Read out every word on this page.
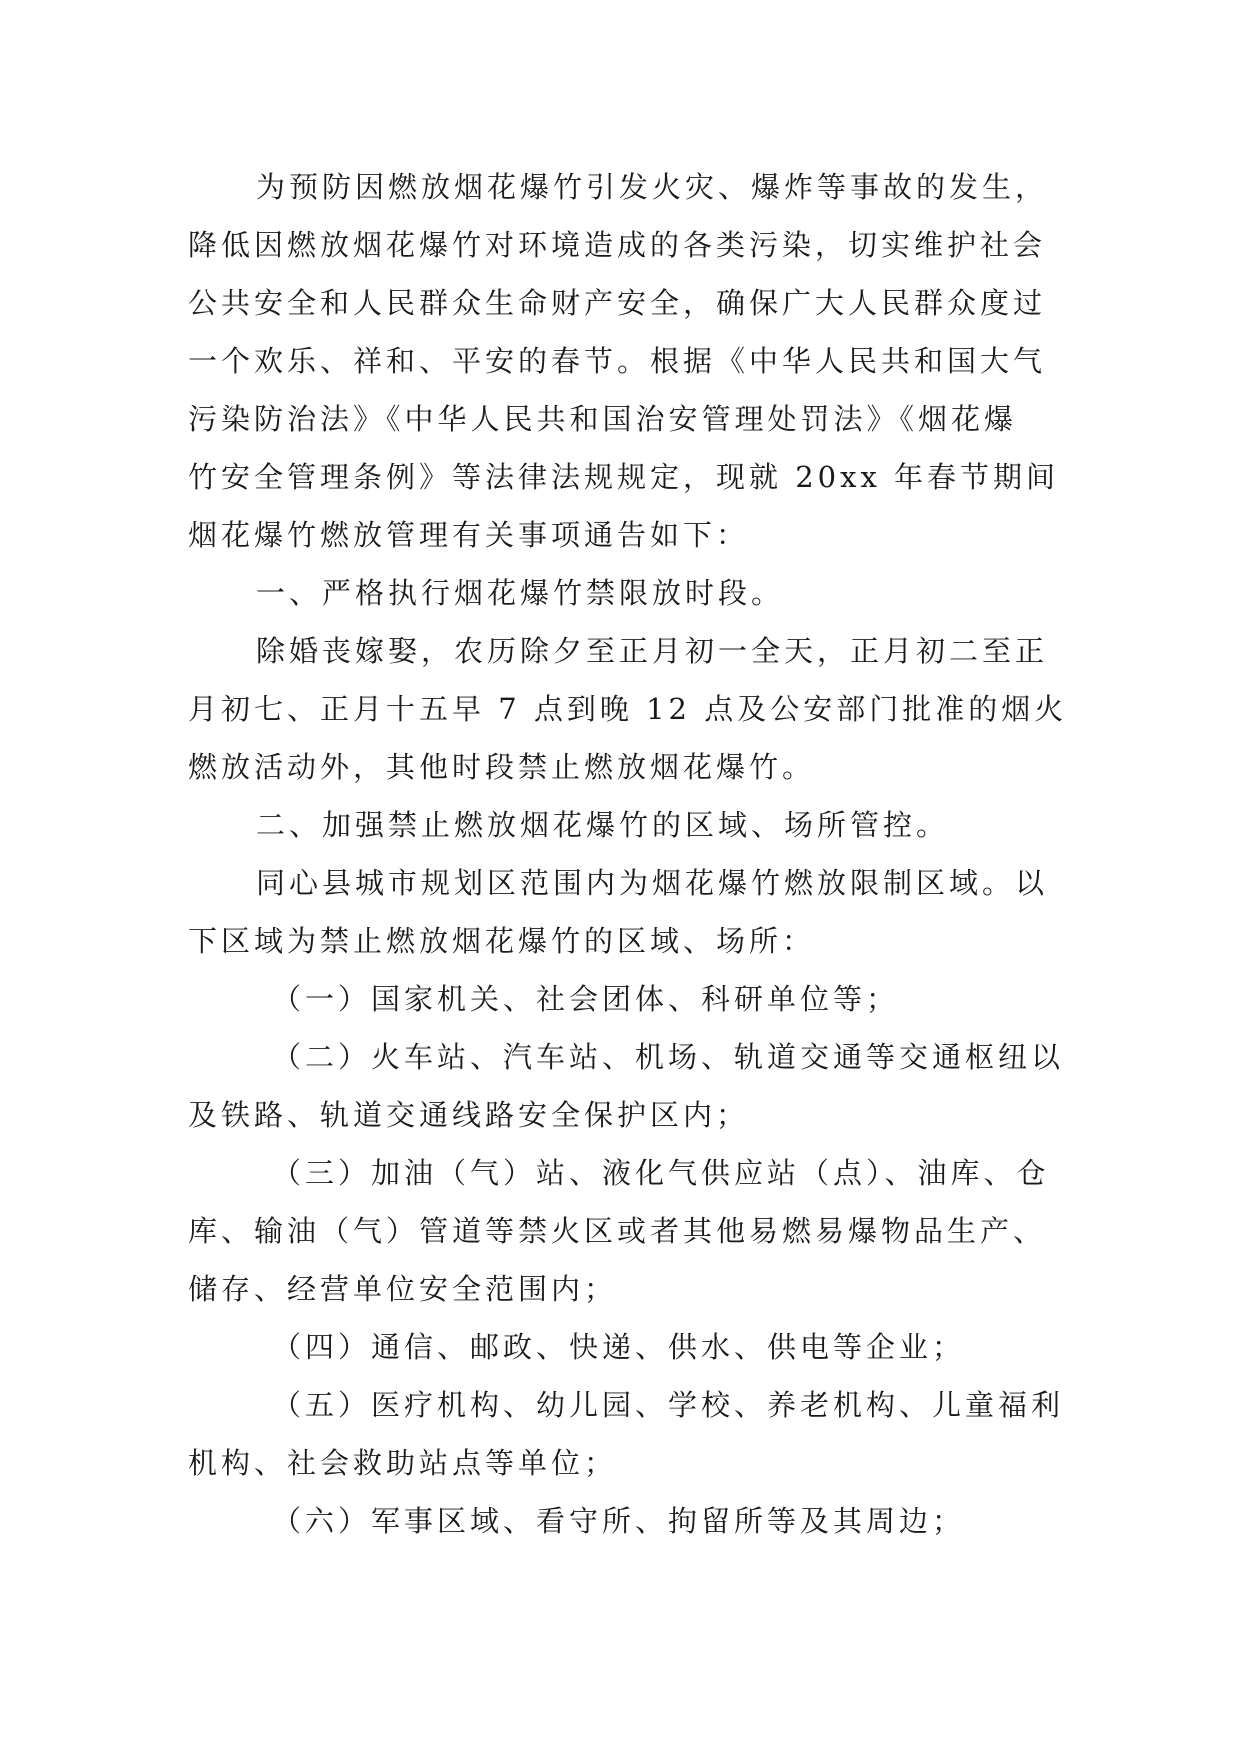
为预防因燃放烟花爆竹引发火灾、爆炸等事故的发生，
降低因燃放烟花爆竹对环境造成的各类污染，切实维护社会
公共安全和人民群众生命财产安全，确保广大人民群众度过
一个欢乐、祥和、平安的春节。根据《中华人民共和国大气
污染防治法》《中华人民共和国治安管理处罚法》《烟花爆
竹安全管理条例》等法律法规规定，现就 20xx 年春节期间
烟花爆竹燃放管理有关事项通告如下：
一、严格执行烟花爆竹禁限放时段。
除婚丧嫁娶，农历除夕至正月初一全天，正月初二至正
月初七、正月十五早 7 点到晚 12 点及公安部门批准的烟火
燃放活动外，其他时段禁止燃放烟花爆竹。
二、加强禁止燃放烟花爆竹的区域、场所管控。
同心县城市规划区范围内为烟花爆竹燃放限制区域。以
下区域为禁止燃放烟花爆竹的区域、场所：
（一）国家机关、社会团体、科研单位等；
（二）火车站、汽车站、机场、轨道交通等交通枢纽以
及铁路、轨道交通线路安全保护区内；
（三）加油（气）站、液化气供应站（点）、油库、仓
库、输油（气）管道等禁火区或者其他易燃易爆物品生产、
储存、经营单位安全范围内；
（四）通信、邮政、快递、供水、供电等企业；
（五）医疗机构、幼儿园、学校、养老机构、儿童福利
机构、社会救助站点等单位；
（六）军事区域、看守所、拘留所等及其周边；
